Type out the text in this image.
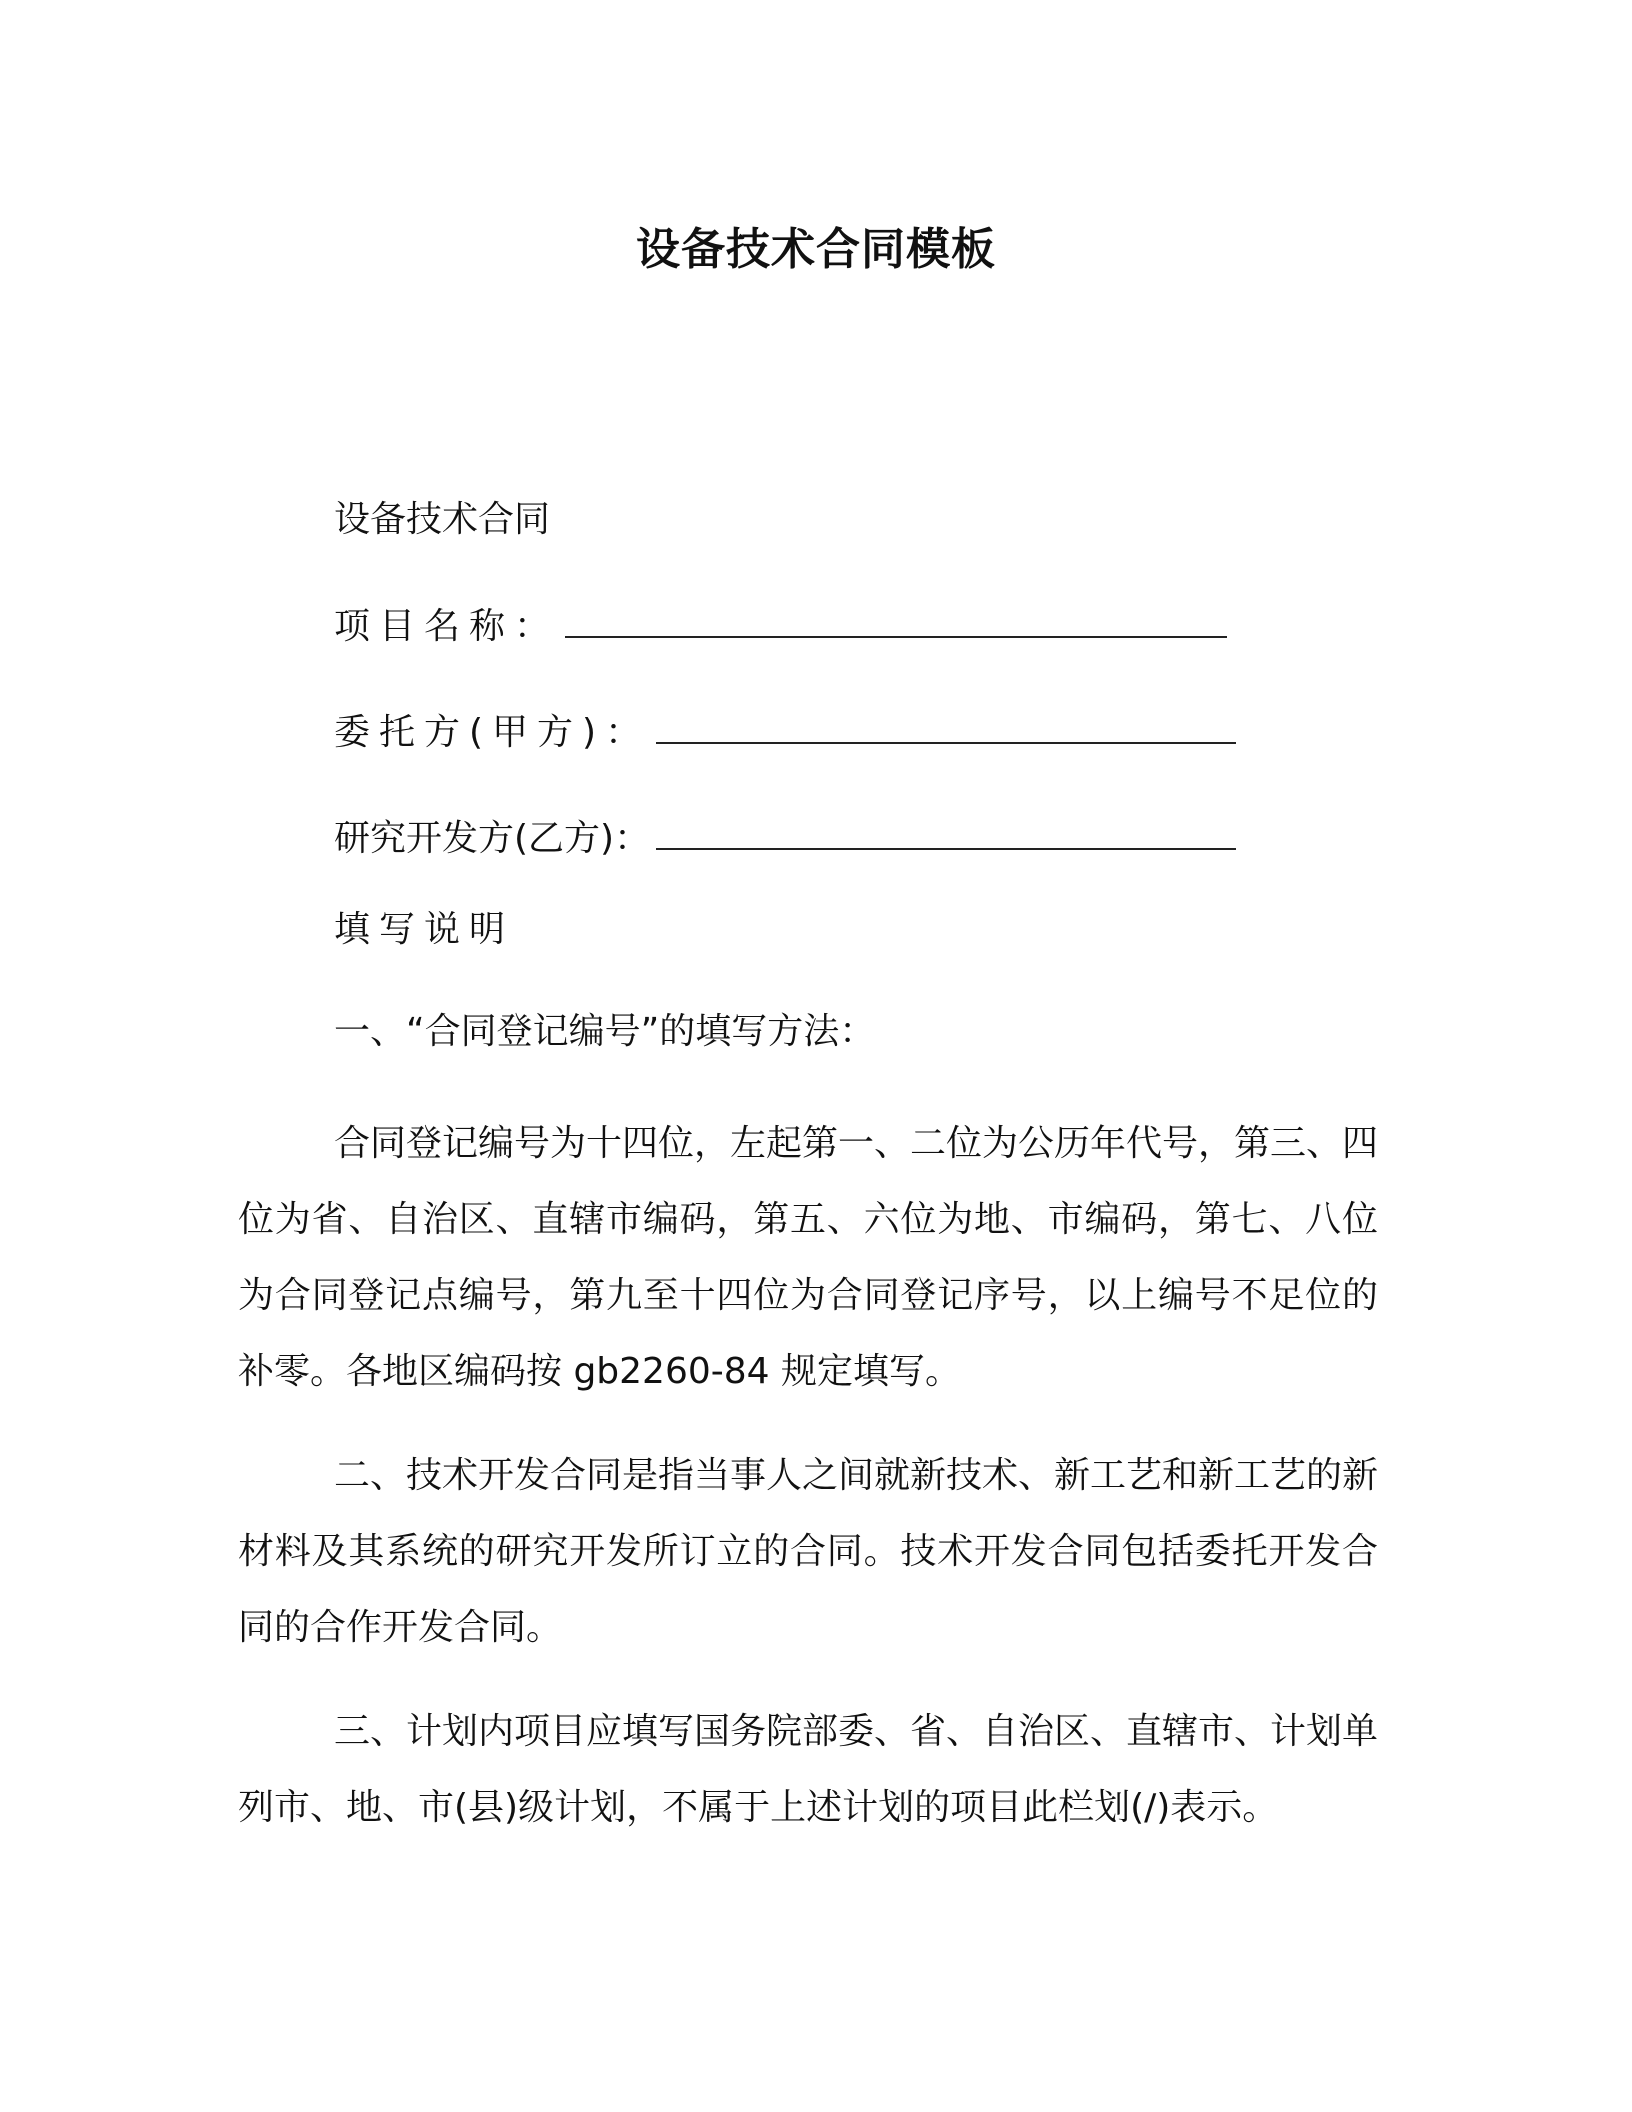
设备技术合同模板
设备技术合同
项目名称：
委托方(甲方)：
研究开发方(乙方)：
填写说明
一、“合同登记编号”的填写方法：

合同登记编号为十四位，左起第一、二位为公历年代号，第三、四位为省、自治区、直辖市编码，第五、六位为地、市编码，第七、八位为合同登记点编号，第九至十四位为合同登记序号，以上编号不足位的补零。各地区编码按 gb2260-84 规定填写。

二、技术开发合同是指当事人之间就新技术、新工艺和新工艺的新材料及其系统的研究开发所订立的合同。技术开发合同包括委托开发合同的合作开发合同。

三、计划内项目应填写国务院部委、省、自治区、直辖市、计划单列市、地、市(县)级计划，不属于上述计划的项目此栏划(/)表示。
